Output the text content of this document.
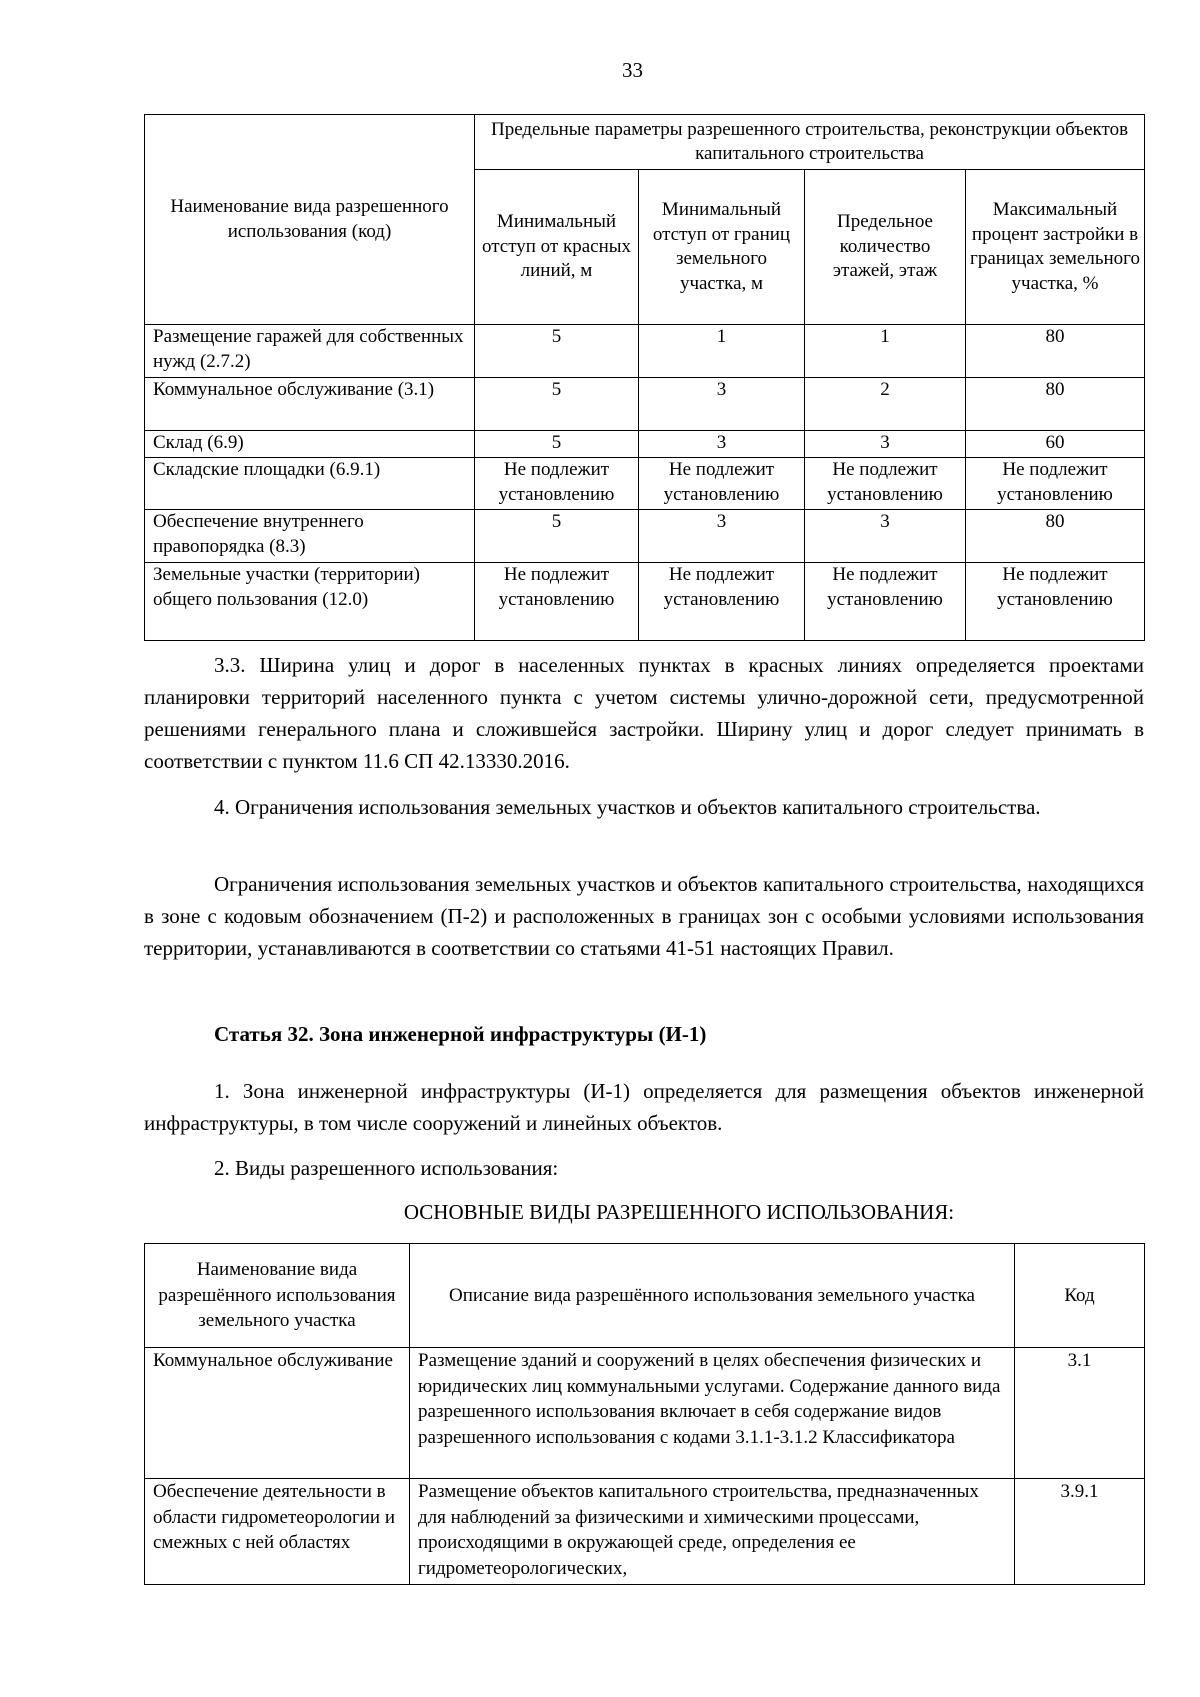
33
Наименование вида разрешенного использования (код)	Предельные параметры разрешенного строительства, реконструкции объектов капитального строительства			
	Минимальный отступ от красных линий, м	Минимальный отступ от границ земельного участка, м	Предельное количество этажей, этаж	Максимальный процент застройки в границах земельного участка, %
Размещение гаражей для собственных нужд (2.7.2)	5	1	1	80
Коммунальное обслуживание (3.1)	5	3	2	80
Склад (6.9)	5	3	3	60
Складские площадки (6.9.1)	Не подлежит установлению	Не подлежит установлению	Не подлежит установлению	Не подлежит установлению
Обеспечение внутреннего правопорядка (8.3)	5	3	3	80
Земельные участки (территории) общего пользования (12.0)	Не подлежит установлению	Не подлежит установлению	Не подлежит установлению	Не подлежит установлению

3.3. Ширина улиц и дорог в населенных пунктах в красных линиях определяется проектами планировки территорий населенного пункта с учетом системы улично-дорожной сети, предусмотренной решениями генерального плана и сложившейся застройки. Ширину улиц и дорог следует принимать в соответствии с пунктом 11.6 СП 42.13330.2016.

4. Ограничения использования земельных участков и объектов капитального строительства.

Ограничения использования земельных участков и объектов капитального строительства, находящихся в зоне с кодовым обозначением (П-2) и расположенных в границах зон с особыми условиями использования территории, устанавливаются в соответствии со статьями 41-51 настоящих Правил.

Статья 32. Зона инженерной инфраструктуры (И-1)

1. Зона инженерной инфраструктуры (И-1) определяется для размещения объектов инженерной инфраструктуры, в том числе сооружений и линейных объектов.

2. Виды разрешенного использования:

ОСНОВНЫЕ ВИДЫ РАЗРЕШЕННОГО ИСПОЛЬЗОВАНИЯ:

Наименование вида разрешённого использования земельного участка	Описание вида разрешённого использования земельного участка	Код
Коммунальное обслуживание	Размещение зданий и сооружений в целях обеспечения физических и юридических лиц коммунальными услугами. Содержание данного вида разрешенного использования включает в себя содержание видов разрешенного использования с кодами 3.1.1-3.1.2 Классификатора	3.1
Обеспечение деятельности в области гидрометеорологии и смежных с ней областях	Размещение объектов капитального строительства, предназначенных для наблюдений за физическими и химическими процессами, происходящими в окружающей среде, определения ее гидрометеорологических,	3.9.1
